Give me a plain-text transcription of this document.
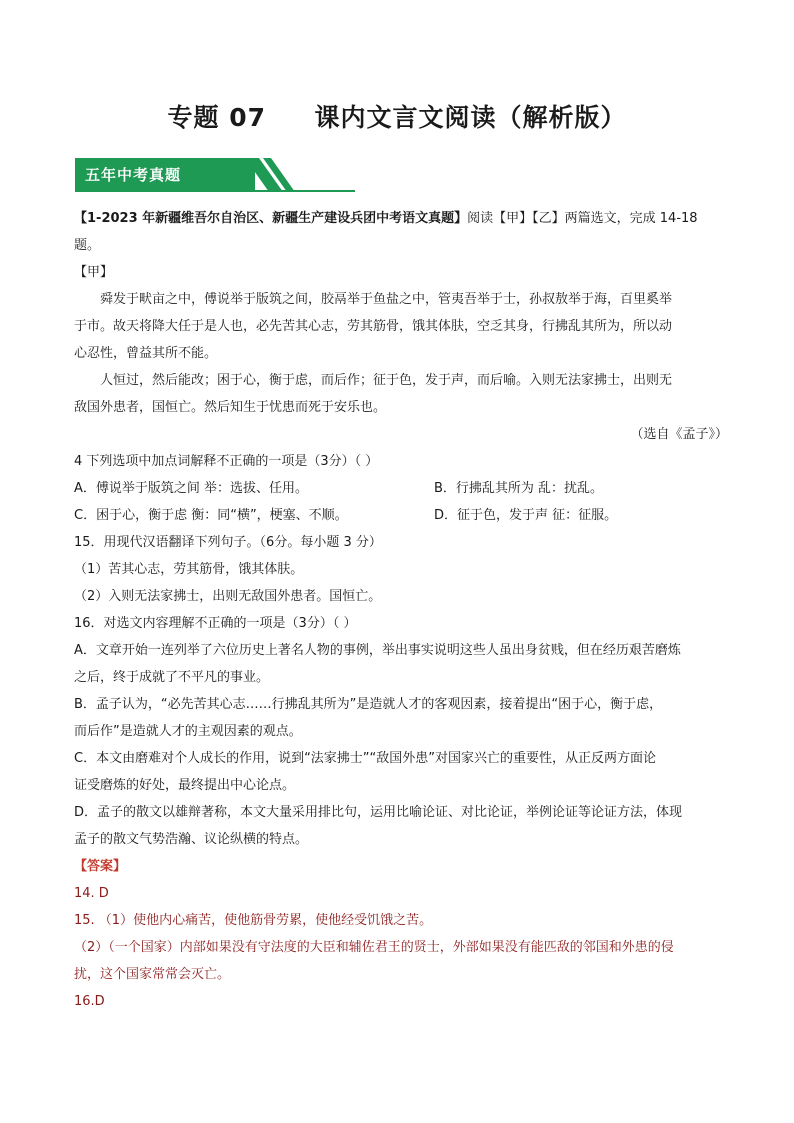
专题 07     课内文言文阅读（解析版）
五年中考真题

【1-2023 年新疆维吾尔自治区、新疆生产建设兵团中考语文真题】阅读【甲】【乙】两篇选文，完成 14-18

题。

【甲】

舜发于畎亩之中，傅说举于版筑之间，胶鬲举于鱼盐之中，管夷吾举于士，孙叔敖举于海，百里奚举

于市。故天将降大任于是人也，必先苦其心志，劳其筋骨，饿其体肤，空乏其身，行拂乱其所为，所以动

心忍性，曾益其所不能。

人恒过，然后能改；困于心，衡于虑，而后作；征于色，发于声，而后喻。入则无法家拂士，出则无

敌国外患者，国恒亡。然后知生于忧患而死于安乐也。

（选自《孟子》）

4 下列选项中加点词解释不正确的一项是（3分）（ ）

A．傅说举于版筑之间 举：选拔、任用。	B．行拂乱其所为 乱：扰乱。
C．困于心，衡于虑 衡：同“横”，梗塞、不顺。	D．征于色，发于声 征：征服。

15．用现代汉语翻译下列句子。（6分。每小题 3 分）

（1）苦其心志，劳其筋骨，饿其体肤。

（2）入则无法家拂士，出则无敌国外患者。国恒亡。

16．对选文内容理解不正确的一项是（3分）（ ）

A．文章开始一连列举了六位历史上著名人物的事例，举出事实说明这些人虽出身贫贱，但在经历艰苦磨炼

之后，终于成就了不平凡的事业。

B．孟子认为，“必先苦其心志……行拂乱其所为”是造就人才的客观因素，接着提出“困于心，衡于虑，

而后作”是造就人才的主观因素的观点。

C．本文由磨难对个人成长的作用，说到“法家拂士”“敌国外患”对国家兴亡的重要性，从正反两方面论

证受磨炼的好处，最终提出中心论点。

D．孟子的散文以雄辩著称，本文大量采用排比句，运用比喻论证、对比论证，举例论证等论证方法，体现

孟子的散文气势浩瀚、议论纵横的特点。

【答案】

14. D

15. （1）使他内心痛苦，使他筋骨劳累，使他经受饥饿之苦。

（2）（一个国家）内部如果没有守法度的大臣和辅佐君王的贤士，外部如果没有能匹敌的邻国和外患的侵

扰，这个国家常常会灭亡。

16.D
